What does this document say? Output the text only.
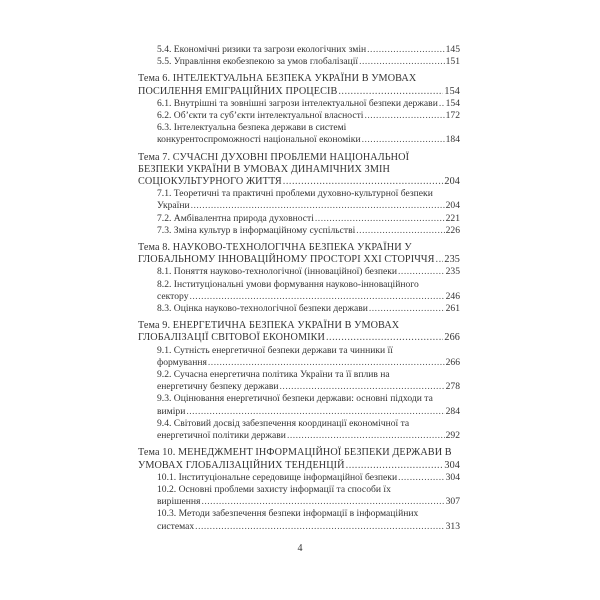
5.4. Економічні ризики та загрози екологічних змін .....	145
5.5. Управління екобезпекою за умов глобалізації .....	151
Тема 6. ІНТЕЛЕКТУАЛЬНА БЕЗПЕКА УКРАЇНИ В УМОВАХ
ПОСИЛЕННЯ ЕМІГРАЦІЙНИХ ПРОЦЕСІВ .....	154
6.1. Внутрішні та зовнішні загрози інтелектуальної безпеки держави ..... 154
6.2. Об’єкти та суб’єкти інтелектуальної власності .....	172
6.3. Інтелектуальна безпека держави в системі
конкурентоспроможності національної економіки .....	184
Тема 7. СУЧАСНІ ДУХОВНІ ПРОБЛЕМИ НАЦІОНАЛЬНОЇ
БЕЗПЕКИ УКРАЇНИ В УМОВАХ ДИНАМІЧНИХ ЗМІН
СОЦІОКУЛЬТУРНОГО ЖИТТЯ .....	204
7.1. Теоретичні та практичні проблеми духовно-культурної безпеки
України .....	204
7.2. Амбівалентна природа духовності .....	221
7.3. Зміна культур в інформаційному суспільстві .....	226
Тема 8. НАУКОВО-ТЕХНОЛОГІЧНА БЕЗПЕКА УКРАЇНИ У
ГЛОБАЛЬНОМУ ІННОВАЦІЙНОМУ ПРОСТОРІ ХХІ СТОРІЧЧЯ ..... 235
8.1. Поняття науково-технологічної (інноваційної) безпеки .....	235
8.2. Інституціональні умови формування науково-інноваційного
сектору .....	246
8.3. Оцінка науково-технологічної безпеки держави .....	261
Тема 9. ЕНЕРГЕТИЧНА БЕЗПЕКА УКРАЇНИ В УМОВАХ
ГЛОБАЛІЗАЦІЇ СВІТОВОЇ ЕКОНОМІКИ .....	266
9.1. Сутність енергетичної безпеки держави та чинники її
формування .....	266
9.2. Сучасна енергетична політика України та її вплив на
енергетичну безпеку держави .....	278
9.3. Оцінювання енергетичної безпеки держави: основні підходи та
виміри .....	284
9.4. Світовий досвід забезпечення координації економічної та
енергетичної політики держави .....	292
Тема 10. МЕНЕДЖМЕНТ ІНФОРМАЦІЙНОЇ БЕЗПЕКИ ДЕРЖАВИ В
УМОВАХ ГЛОБАЛІЗАЦІЙНИХ ТЕНДЕНЦІЙ .....	304
10.1. Інституціональне середовище інформаційної безпеки .....	304
10.2. Основні проблеми захисту інформації та способи їх
вирішення .....	307
10.3. Методи забезпечення безпеки інформації в інформаційних
системах .....	313
4
